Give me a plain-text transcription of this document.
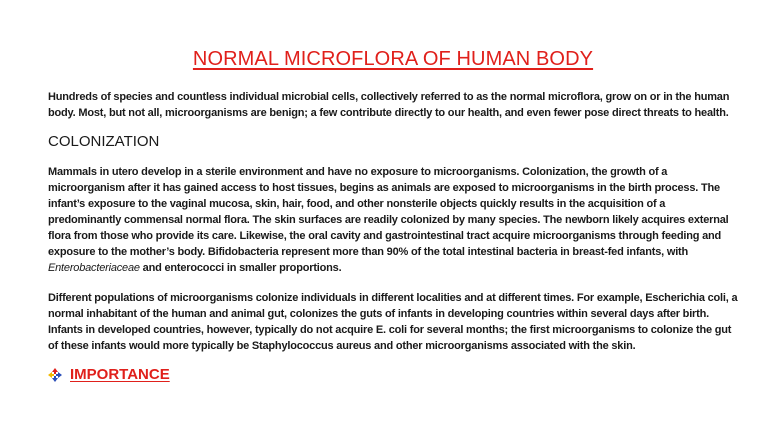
NORMAL MICROFLORA OF HUMAN BODY

Hundreds of species and countless individual microbial cells, collectively referred to as the normal microflora, grow on or in the human body. Most, but not all, microorganisms are benign; a few contribute directly to our health, and even fewer pose direct threats to health.

COLONIZATION

Mammals in utero develop in a sterile environment and have no exposure to microorganisms. Colonization, the growth of a microorganism after it has gained access to host tissues, begins as animals are exposed to microorganisms in the birth process. The infant’s exposure to the vaginal mucosa, skin, hair, food, and other nonsterile objects quickly results in the acquisition of a predominantly commensal normal flora. The skin surfaces are readily colonized by many species. The newborn likely acquires external flora from those who provide its care. Likewise, the oral cavity and gastrointestinal tract acquire microorganisms through feeding and exposure to the mother’s body. Bifidobacteria represent more than 90% of the total intestinal bacteria in breast-fed infants, with Enterobacteriaceae and enterococci in smaller proportions.

Different populations of microorganisms colonize individuals in different localities and at different times. For example, Escherichia coli, a normal inhabitant of the human and animal gut, colonizes the guts of infants in developing countries within several days after birth. Infants in developed countries, however, typically do not acquire E. coli for several months; the first microorganisms to colonize the gut of these infants would more typically be Staphylococcus aureus and other microorganisms associated with the skin.

IMPORTANCE
